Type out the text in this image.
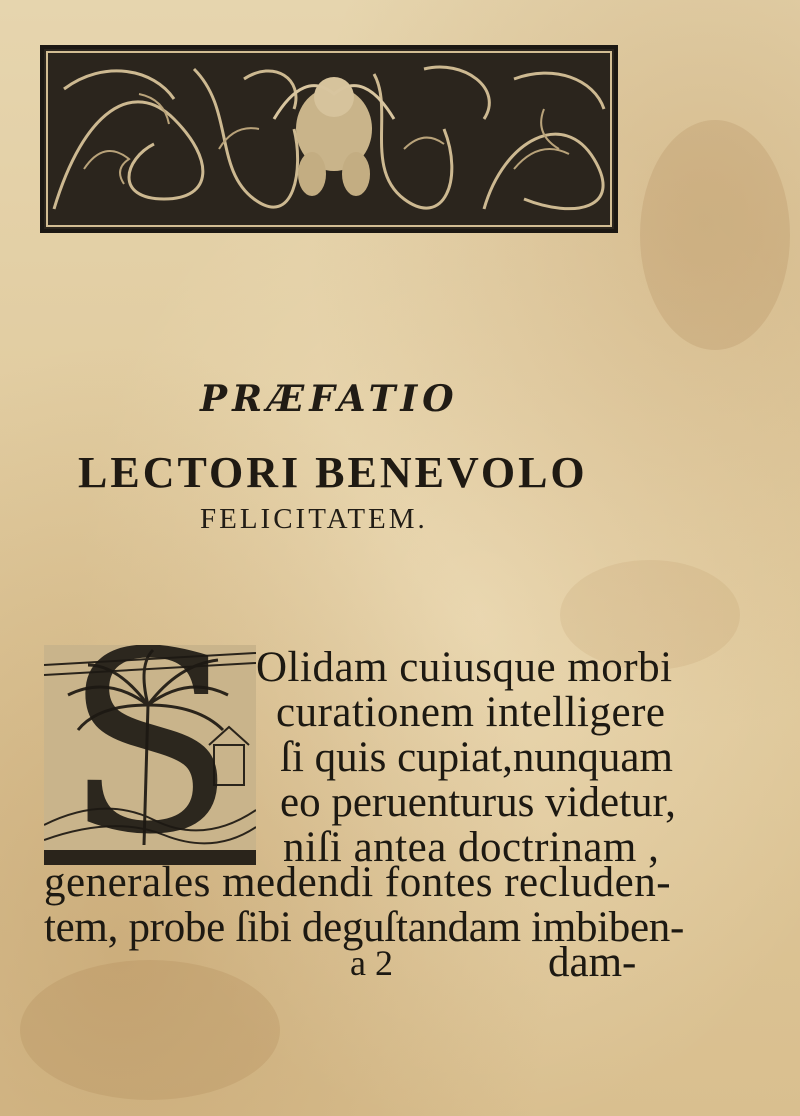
PRÆFATIO

LECTORI BENEVOLO

FELICITATEM.

S Olidam cuiusque morbi

curationem intelligere

ſi quis cupiat,nunquam

eo peruenturus videtur,

niſi antea doctrinam ,

generales medendi fontes recluden-

tem, probe ſibi deguſtandam imbiben-

a 2	dam-
